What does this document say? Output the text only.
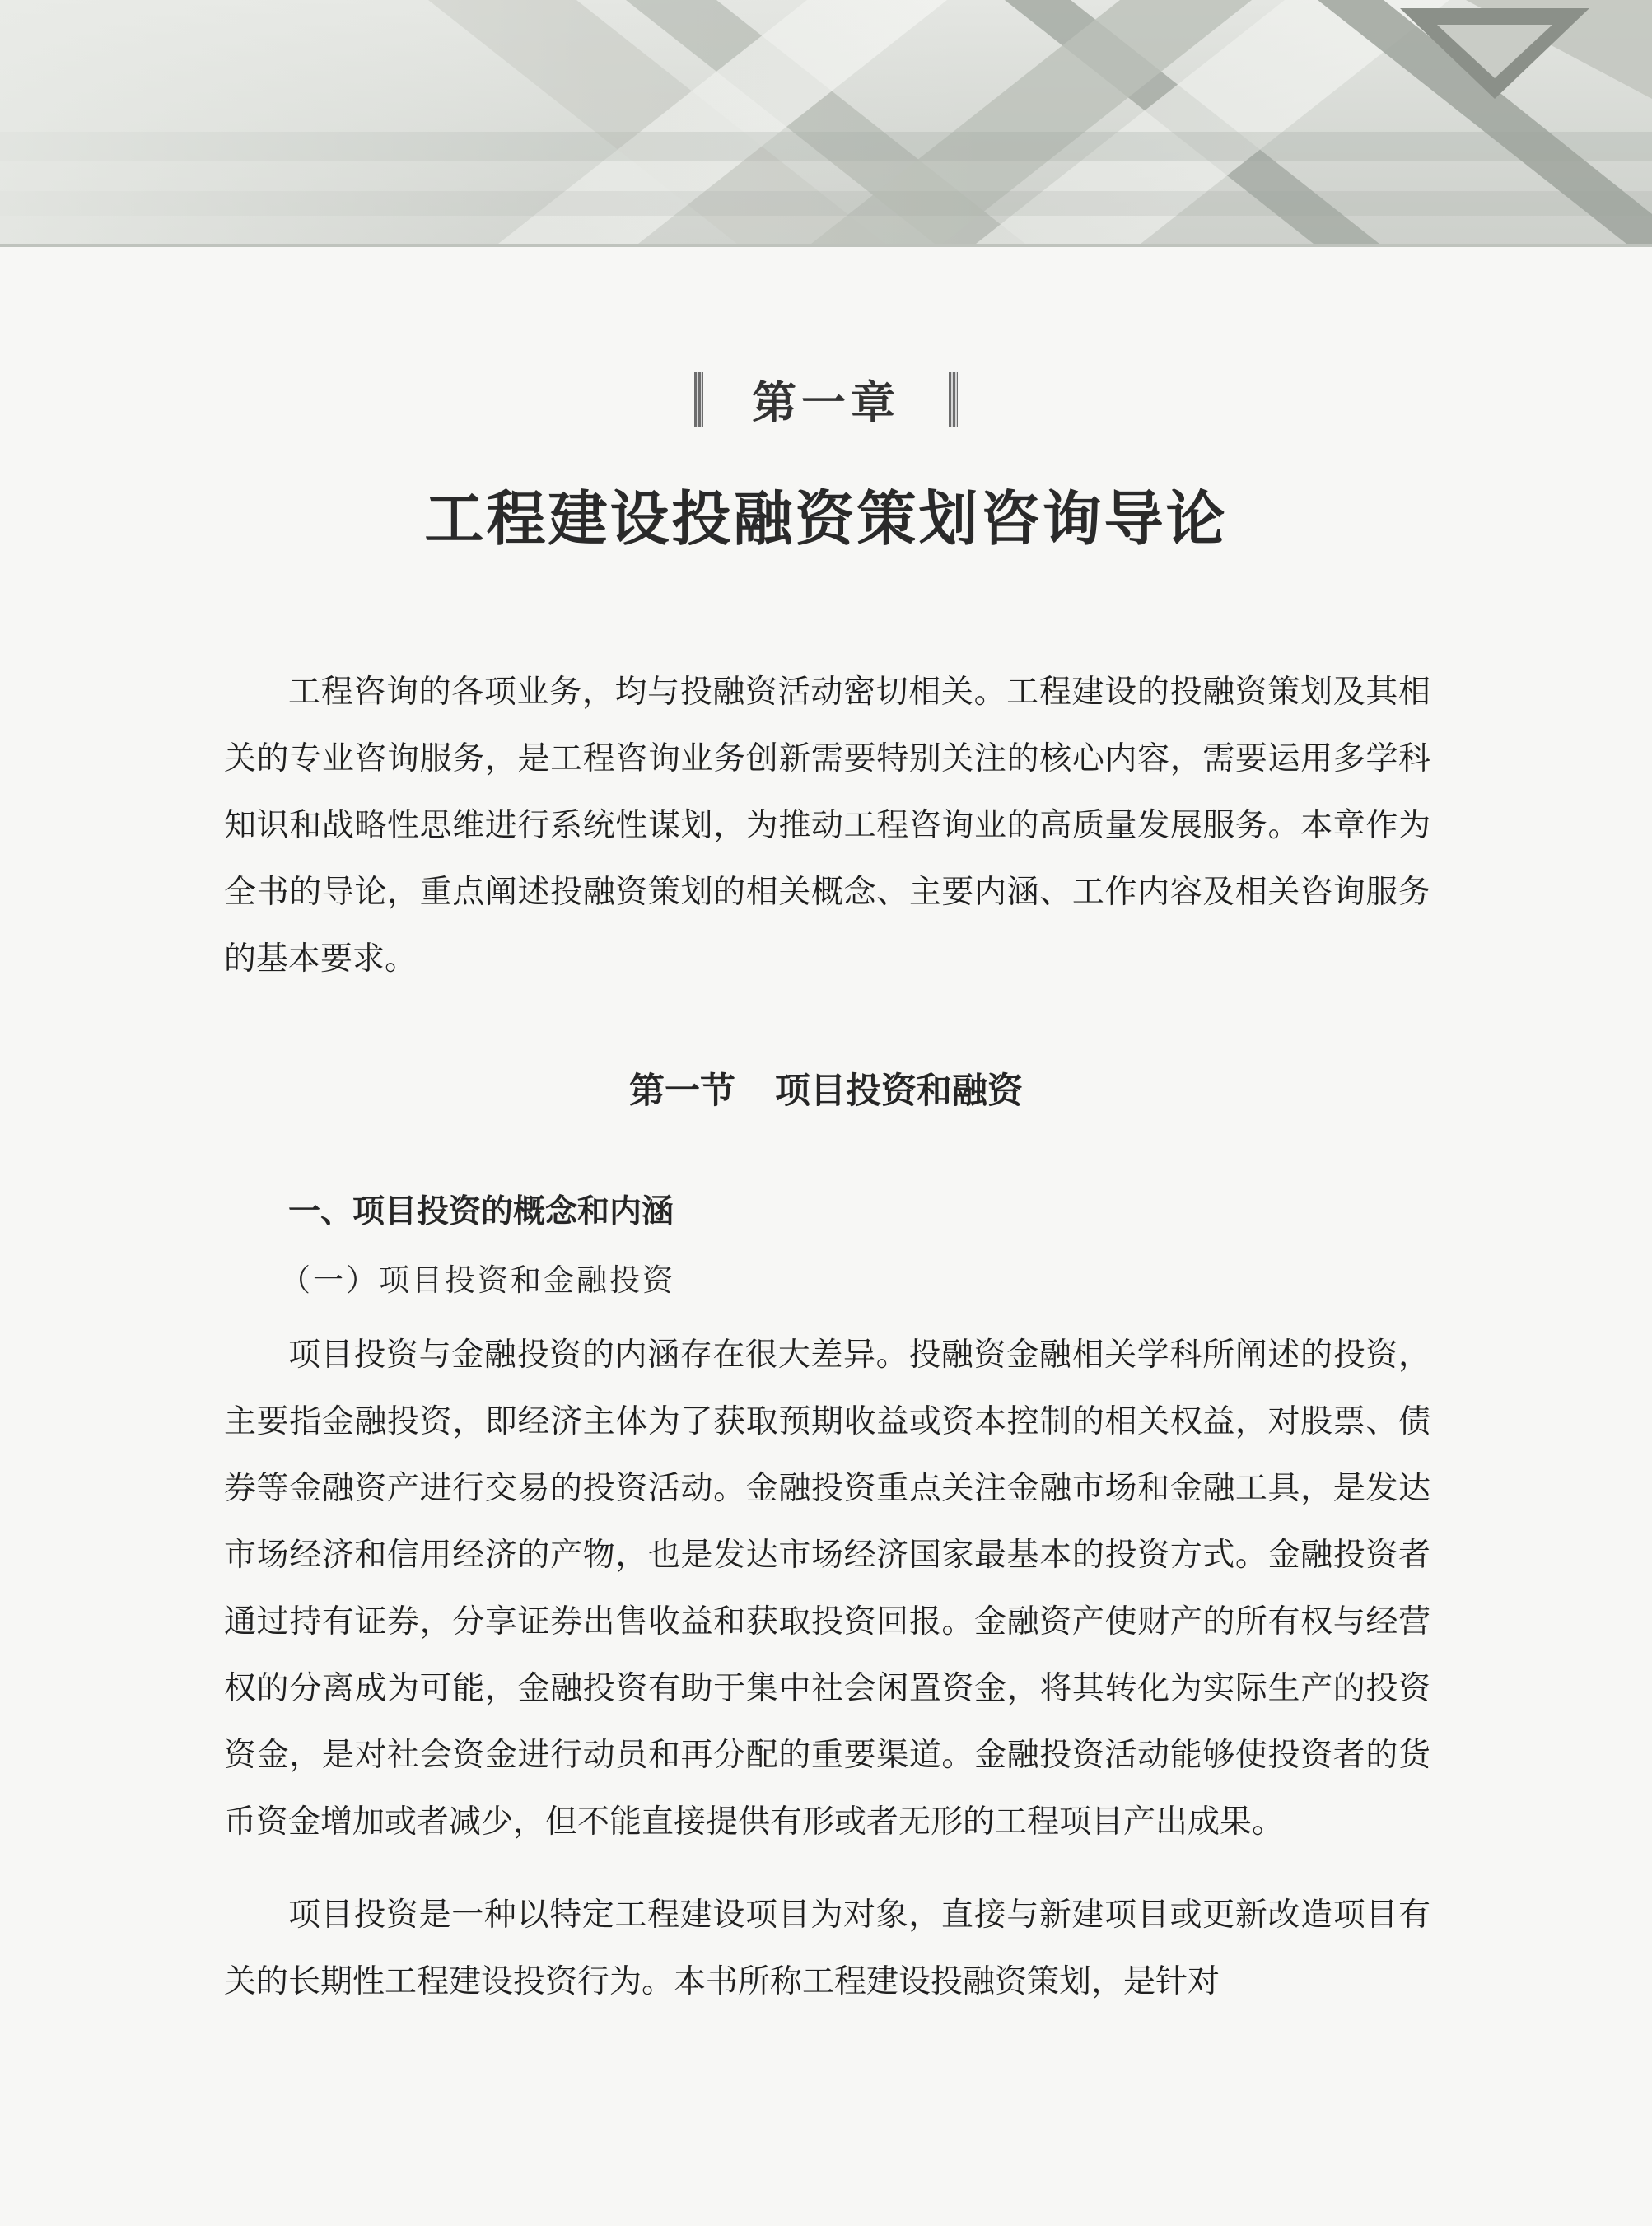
第一章
工程建设投融资策划咨询导论

工程咨询的各项业务，均与投融资活动密切相关。工程建设的投融资策划及其相关的专业咨询服务，是工程咨询业务创新需要特别关注的核心内容，需要运用多学科知识和战略性思维进行系统性谋划，为推动工程咨询业的高质量发展服务。本章作为全书的导论，重点阐述投融资策划的相关概念、主要内涵、工作内容及相关咨询服务的基本要求。

第一节 项目投资和融资
一、项目投资的概念和内涵
（一）项目投资和金融投资

项目投资与金融投资的内涵存在很大差异。投融资金融相关学科所阐述的投资，主要指金融投资，即经济主体为了获取预期收益或资本控制的相关权益，对股票、债券等金融资产进行交易的投资活动。金融投资重点关注金融市场和金融工具，是发达市场经济和信用经济的产物，也是发达市场经济国家最基本的投资方式。金融投资者通过持有证券，分享证券出售收益和获取投资回报。金融资产使财产的所有权与经营权的分离成为可能，金融投资有助于集中社会闲置资金，将其转化为实际生产的投资资金，是对社会资金进行动员和再分配的重要渠道。金融投资活动能够使投资者的货币资金增加或者减少，但不能直接提供有形或者无形的工程项目产出成果。

项目投资是一种以特定工程建设项目为对象，直接与新建项目或更新改造项目有关的长期性工程建设投资行为。本书所称工程建设投融资策划，是针对
